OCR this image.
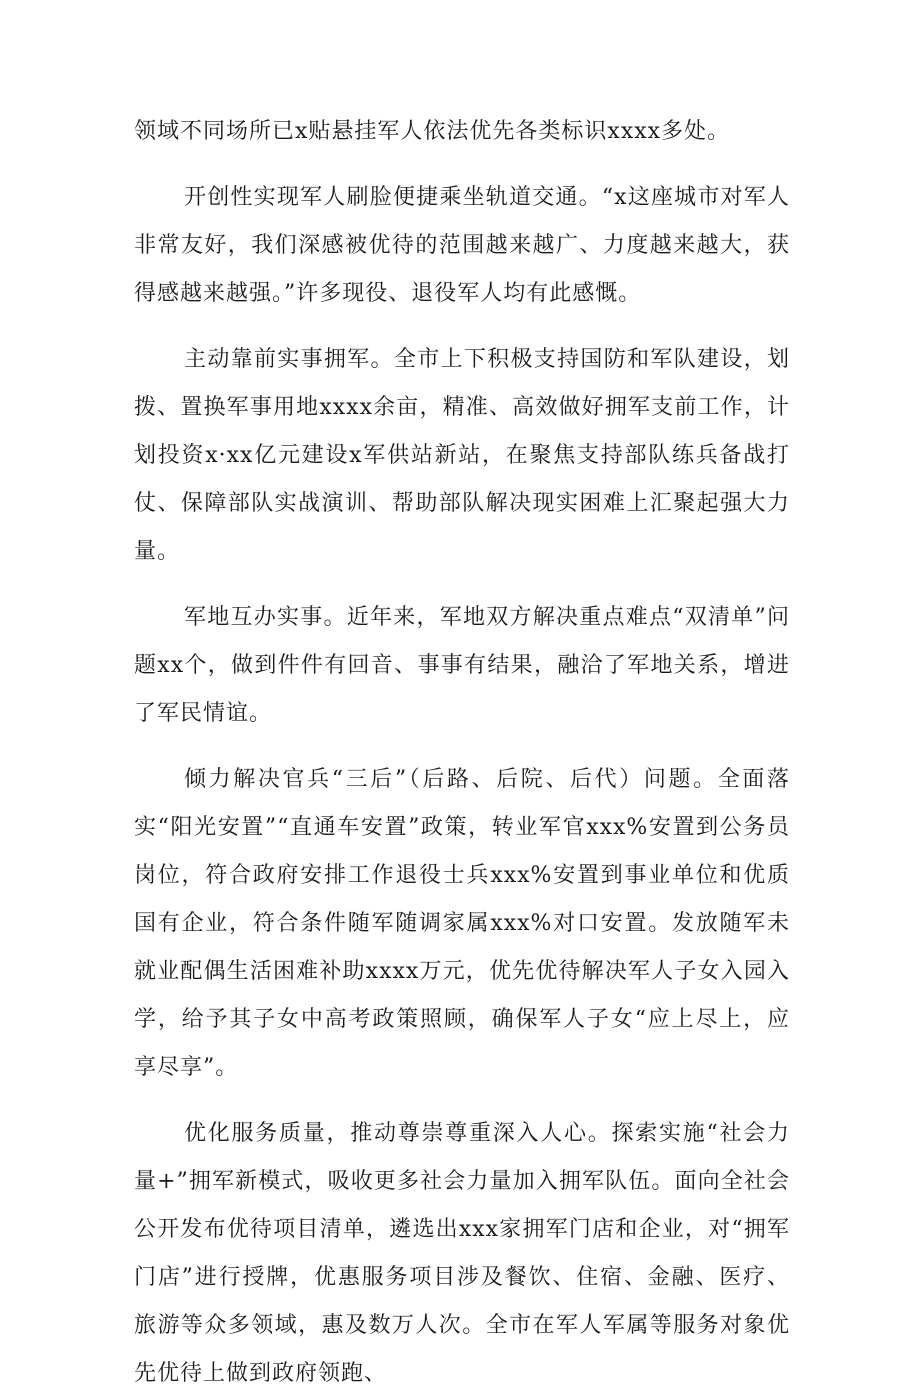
领域不同场所已x贴悬挂军人依法优先各类标识xxxx多处。

开创性实现军人刷脸便捷乘坐轨道交通。“x这座城市对军人非常友好，我们深感被优待的范围越来越广、力度越来越大，获得感越来越强。”许多现役、退役军人均有此感慨。

主动靠前实事拥军。全市上下积极支持国防和军队建设，划拨、置换军事用地xxxx余亩，精准、高效做好拥军支前工作，计划投资x·xx亿元建设x军供站新站，在聚焦支持部队练兵备战打仗、保障部队实战演训、帮助部队解决现实困难上汇聚起强大力量。

军地互办实事。近年来，军地双方解决重点难点“双清单”问题xx个，做到件件有回音、事事有结果，融洽了军地关系，增进了军民情谊。

倾力解决官兵“三后”（后路、后院、后代）问题。全面落实“阳光安置”“直通车安置”政策，转业军官xxx%安置到公务员岗位，符合政府安排工作退役士兵xxx%安置到事业单位和优质国有企业，符合条件随军随调家属xxx%对口安置。发放随军未就业配偶生活困难补助xxxx万元，优先优待解决军人子女入园入学，给予其子女中高考政策照顾，确保军人子女“应上尽上，应享尽享”。

优化服务质量，推动尊崇尊重深入人心。探索实施“社会力量+”拥军新模式，吸收更多社会力量加入拥军队伍。面向全社会公开发布优待项目清单，遴选出xxx家拥军门店和企业，对“拥军门店”进行授牌，优惠服务项目涉及餐饮、住宿、金融、医疗、旅游等众多领域，惠及数万人次。全市在军人军属等服务对象优先优待上做到政府领跑、
